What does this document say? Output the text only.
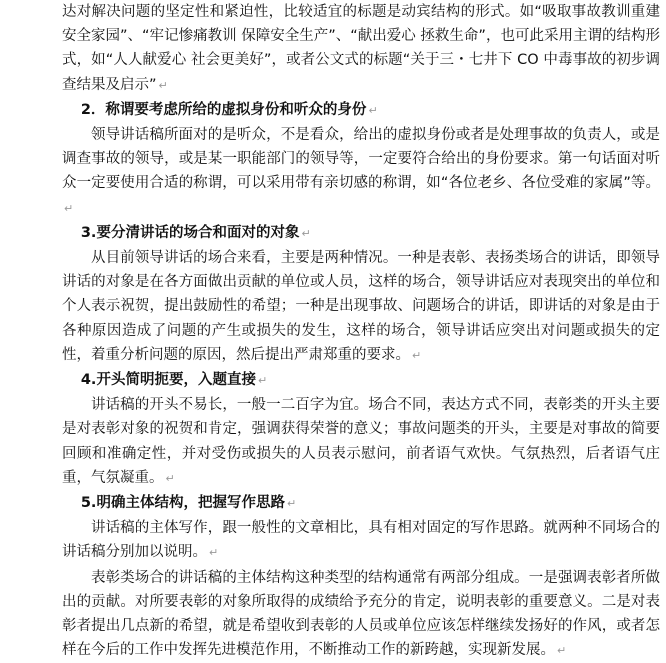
达对解决问题的坚定性和紧迫性，比较适宜的标题是动宾结构的形式。如“吸取事故教训重建安全家园”、“牢记惨痛教训 保障安全生产”、“献出爱心 拯救生命”，也可此采用主谓的结构形式，如“人人献爱心 社会更美好”，或者公文式的标题“关于三・七井下 CO 中毒事故的初步调查结果及启示” ↵

2．称谓要考虑所给的虚拟身份和听众的身份 ↵

领导讲话稿所面对的是听众，不是看众，给出的虚拟身份或者是处理事故的负责人，或是调查事故的领导，或是某一职能部门的领导等，一定要符合给出的身份要求。第一句话面对听众一定要使用合适的称谓，可以采用带有亲切感的称谓，如“各位老乡、各位受难的家属”等。↵

3.要分清讲话的场合和面对的对象 ↵

从目前领导讲话的场合来看，主要是两种情况。一种是表彰、表扬类场合的讲话，即领导讲话的对象是在各方面做出贡献的单位或人员，这样的场合，领导讲话应对表现突出的单位和个人表示祝贺，提出鼓励性的希望；一种是出现事故、问题场合的讲话，即讲话的对象是由于各种原因造成了问题的产生或损失的发生，这样的场合，领导讲话应突出对问题或损失的定性，着重分析问题的原因，然后提出严肃郑重的要求。 ↵

4.开头简明扼要，入题直接 ↵

讲话稿的开头不易长，一般一二百字为宜。场合不同，表达方式不同，表彰类的开头主要是对表彰对象的祝贺和肯定，强调获得荣誉的意义；事故问题类的开头，主要是对事故的简要回顾和准确定性，并对受伤或损失的人员表示慰问，前者语气欢快。气氛热烈，后者语气庄重，气氛凝重。 ↵

5.明确主体结构，把握写作思路 ↵

讲话稿的主体写作，跟一般性的文章相比，具有相对固定的写作思路。就两种不同场合的讲话稿分别加以说明。 ↵

表彰类场合的讲话稿的主体结构这种类型的结构通常有两部分组成。一是强调表彰者所做出的贡献。对所要表彰的对象所取得的成绩给予充分的肯定，说明表彰的重要意义。二是对表彰者提出几点新的希望，就是希望收到表彰的人员或单位应该怎样继续发扬好的作风，或者怎样在今后的工作中发挥先进模范作用，不断推动工作的新跨越，实现新发展。 ↵
